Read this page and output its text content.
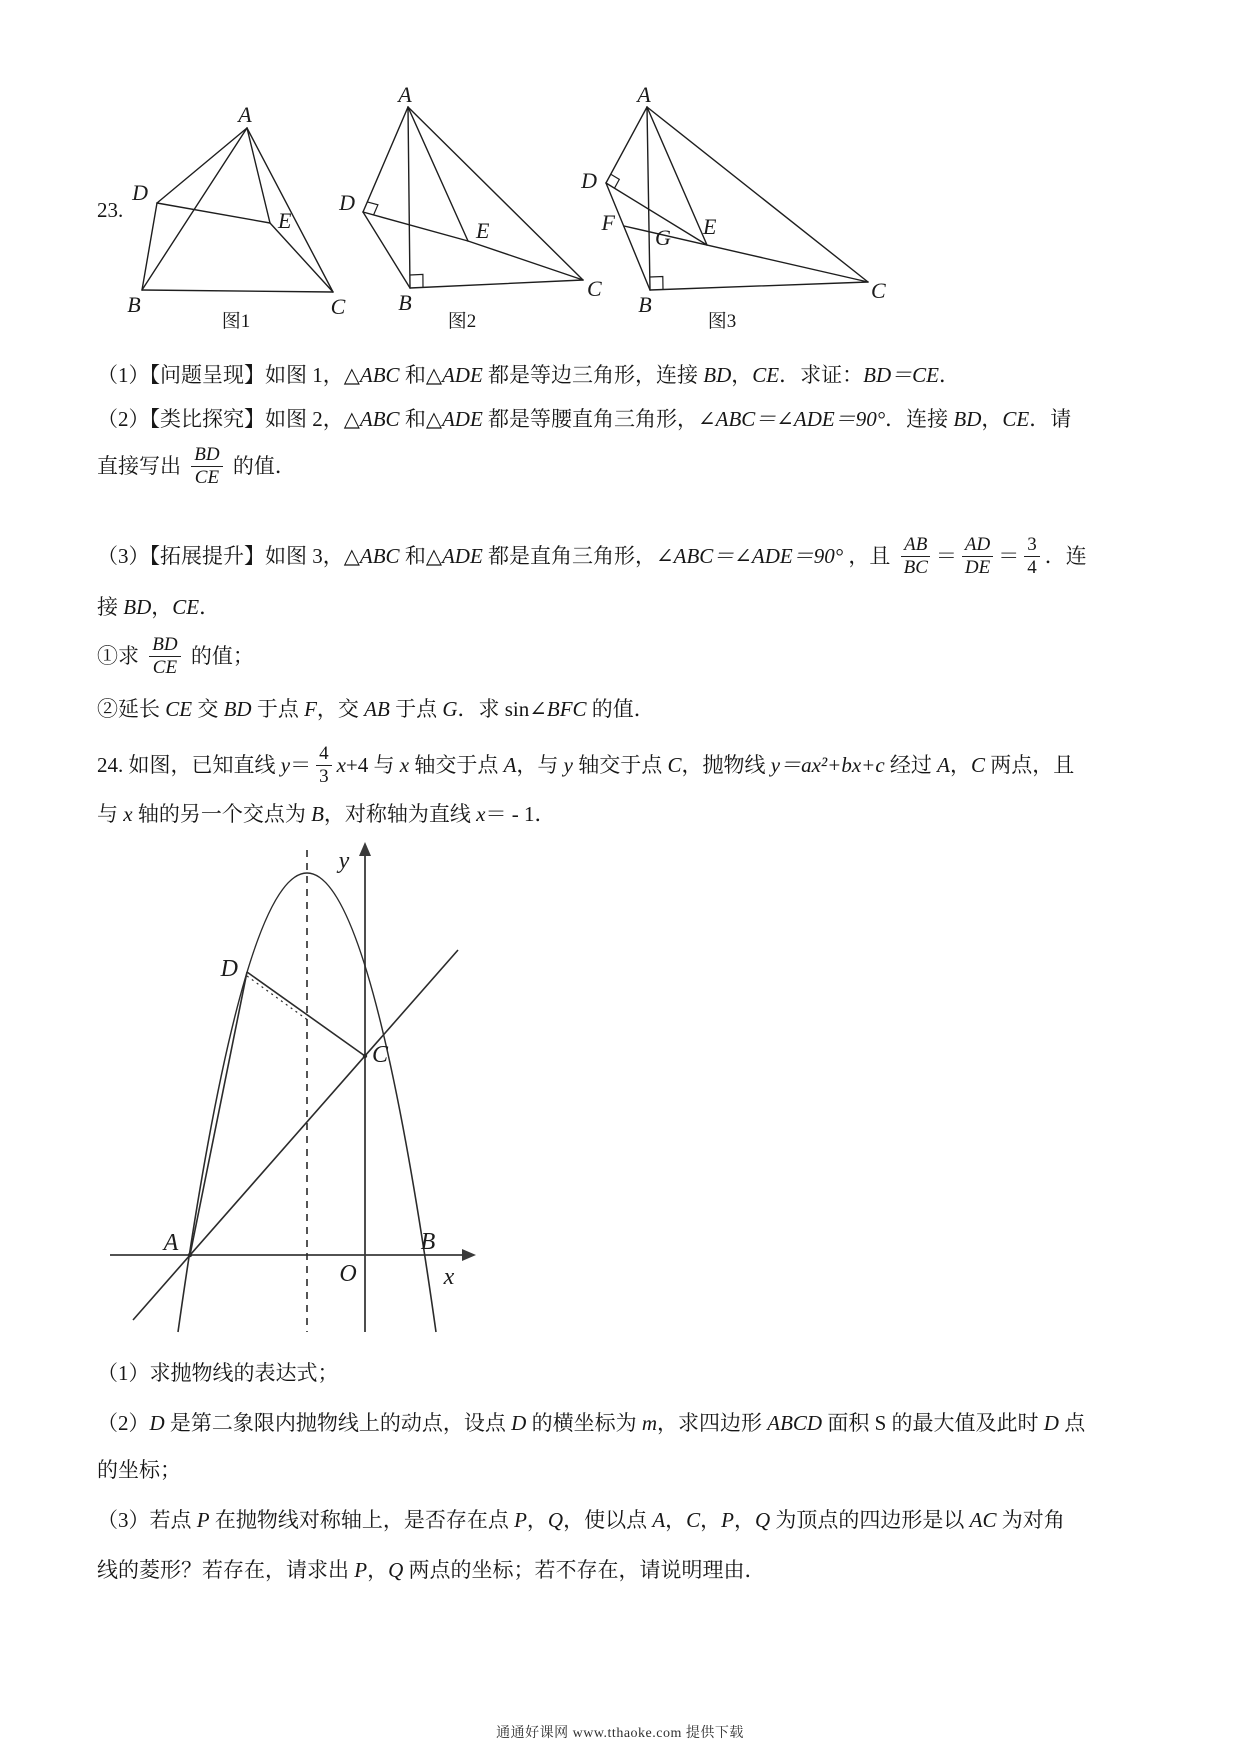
23.
A
D
E
B	C
图1
A
D
E
B
C
图2
A
D
F
G E
B
C
图3
（1）【问题呈现】如图 1， △ABC 和 △ADE 都是等边三角形，连接 BD ， CE ．求证： BD＝CE ．
（2）【类比探究】如图 2， △ABC 和 △ADE 都是等腰直角三角形， ∠ABC＝∠ADE＝90° ．连接 BD ， CE ．请
直接写出 $\frac{BD}{CE}$ 的值．
（3）【拓展提升】如图 3， △ABC 和 △ADE 都是直角三角形， ∠ABC＝∠ADE＝90° ，且 $\frac{AB}{BC} = \frac{AD}{DE} = \frac{3}{4}$ ．连
接 BD ， CE ．
①求 $\frac{BD}{CE}$ 的值；
②延长 CE 交 BD 于点 F ，交 AB 于点 G ．求 sin ∠BFC 的值．
24. 如图，已知直线 $y = \frac{4}{3}$ x +4 与 x 轴交于点 A ，与 y 轴交于点 C ，抛物线 y＝ax²+bx+c 经过 A ， C 两点，且
与 x 轴的另一个交点为 B ，对称轴为直线 x ＝ - 1．
y
x
O
A	B
C
D
（1）求抛物线的表达式；
（2） D 是第二象限内抛物线上的动点，设点 D 的横坐标为 m ，求四边形 ABCD 面积 S 的最大值及此时 D 点
的坐标；
（3）若点 P 在抛物线对称轴上，是否存在点 P ， Q ，使以点 A ， C ， P ， Q 为顶点的四边形是以 AC 为对角
线的菱形？若存在，请求出 P ， Q 两点的坐标；若不存在，请说明理由．
通通好课网 www.tthaoke.com 提供下载
